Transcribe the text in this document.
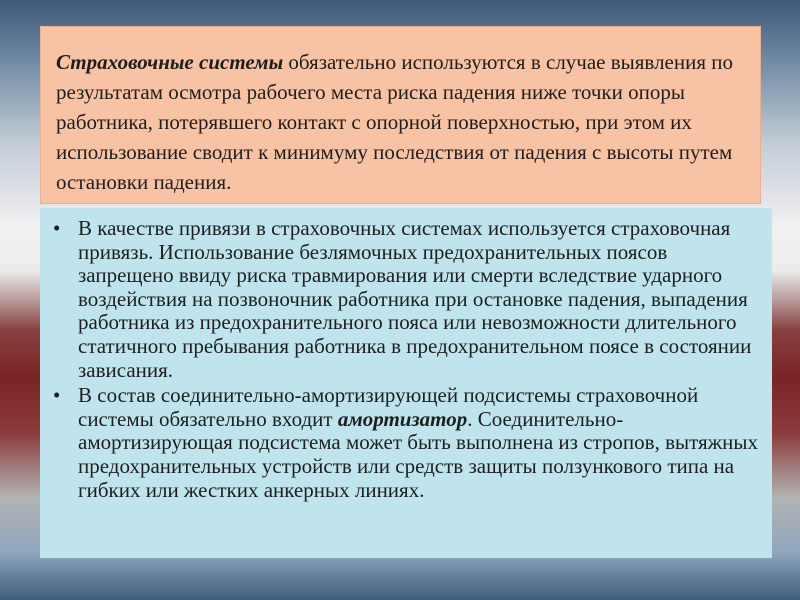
Страховочные системы обязательно используются в случае выявления по результатам осмотра рабочего места риска падения ниже точки опоры работника, потерявшего контакт с опорной поверхностью, при этом их использование сводит к минимуму последствия от падения с высоты путем остановки падения.
• В качестве привязи в страховочных системах используется страховочная привязь. Использование безлямочных предохранительных поясов запрещено ввиду риска травмирования или смерти вследствие ударного воздействия на позвоночник работника при остановке падения, выпадения работника из предохранительного пояса или невозможности длительного статичного пребывания работника в предохранительном поясе в состоянии зависания.
• В состав соединительно-амортизирующей подсистемы страховочной системы обязательно входит амортизатор. Соединительно-амортизирующая подсистема может быть выполнена из стропов, вытяжных предохранительных устройств или средств защиты ползункового типа на гибких или жестких анкерных линиях.
